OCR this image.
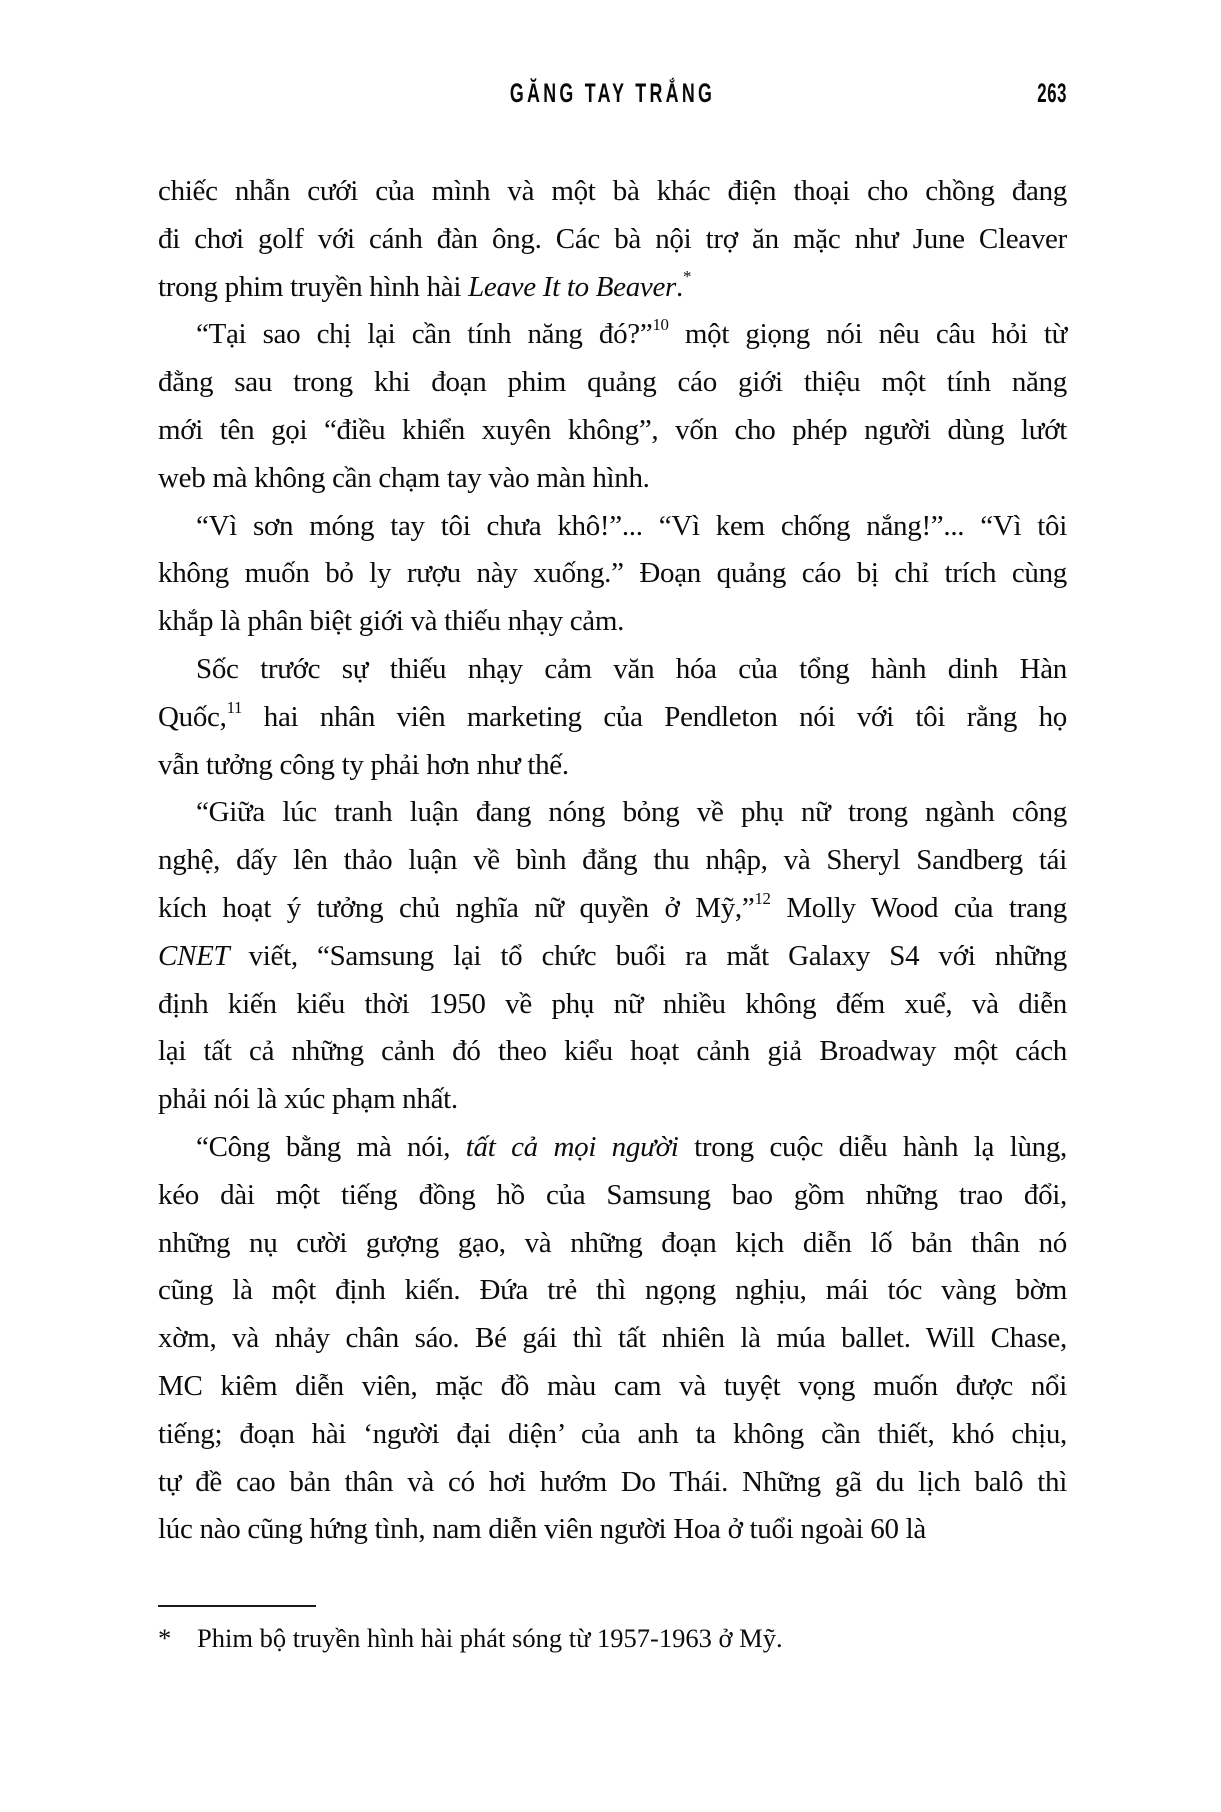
GĂNG TAY TRẮNG	263
chiếc nhẫn cưới của mình và một bà khác điện thoại cho chồng đang
đi chơi golf với cánh đàn ông. Các bà nội trợ ăn mặc như June Cleaver
trong phim truyền hình hài Leave It to Beaver.*
“Tại sao chị lại cần tính năng đó?”$^{10}$ một giọng nói nêu câu hỏi từ
đằng sau trong khi đoạn phim quảng cáo giới thiệu một tính năng
mới tên gọi “điều khiển xuyên không”, vốn cho phép người dùng lướt
web mà không cần chạm tay vào màn hình.
“Vì sơn móng tay tôi chưa khô!”... “Vì kem chống nắng!”... “Vì tôi
không muốn bỏ ly rượu này xuống.” Đoạn quảng cáo bị chỉ trích cùng
khắp là phân biệt giới và thiếu nhạy cảm.
Sốc trước sự thiếu nhạy cảm văn hóa của tổng hành dinh Hàn
Quốc,$^{11}$ hai nhân viên marketing của Pendleton nói với tôi rằng họ
vẫn tưởng công ty phải hơn như thế.
“Giữa lúc tranh luận đang nóng bỏng về phụ nữ trong ngành công
nghệ, dấy lên thảo luận về bình đẳng thu nhập, và Sheryl Sandberg tái
kích hoạt ý tưởng chủ nghĩa nữ quyền ở Mỹ,”$^{12}$ Molly Wood của trang
CNET viết, “Samsung lại tổ chức buổi ra mắt Galaxy S4 với những
định kiến kiểu thời 1950 về phụ nữ nhiều không đếm xuể, và diễn
lại tất cả những cảnh đó theo kiểu hoạt cảnh giả Broadway một cách
phải nói là xúc phạm nhất.
“Công bằng mà nói, tất cả mọi người trong cuộc diễu hành lạ lùng,
kéo dài một tiếng đồng hồ của Samsung bao gồm những trao đổi,
những nụ cười gượng gạo, và những đoạn kịch diễn lố bản thân nó
cũng là một định kiến. Đứa trẻ thì ngọng nghịu, mái tóc vàng bờm
xờm, và nhảy chân sáo. Bé gái thì tất nhiên là múa ballet. Will Chase,
MC kiêm diễn viên, mặc đồ màu cam và tuyệt vọng muốn được nổi
tiếng; đoạn hài ‘người đại diện’ của anh ta không cần thiết, khó chịu,
tự đề cao bản thân và có hơi hướm Do Thái. Những gã du lịch balô thì
lúc nào cũng hứng tình, nam diễn viên người Hoa ở tuổi ngoài 60 là
* Phim bộ truyền hình hài phát sóng từ 1957-1963 ở Mỹ.
